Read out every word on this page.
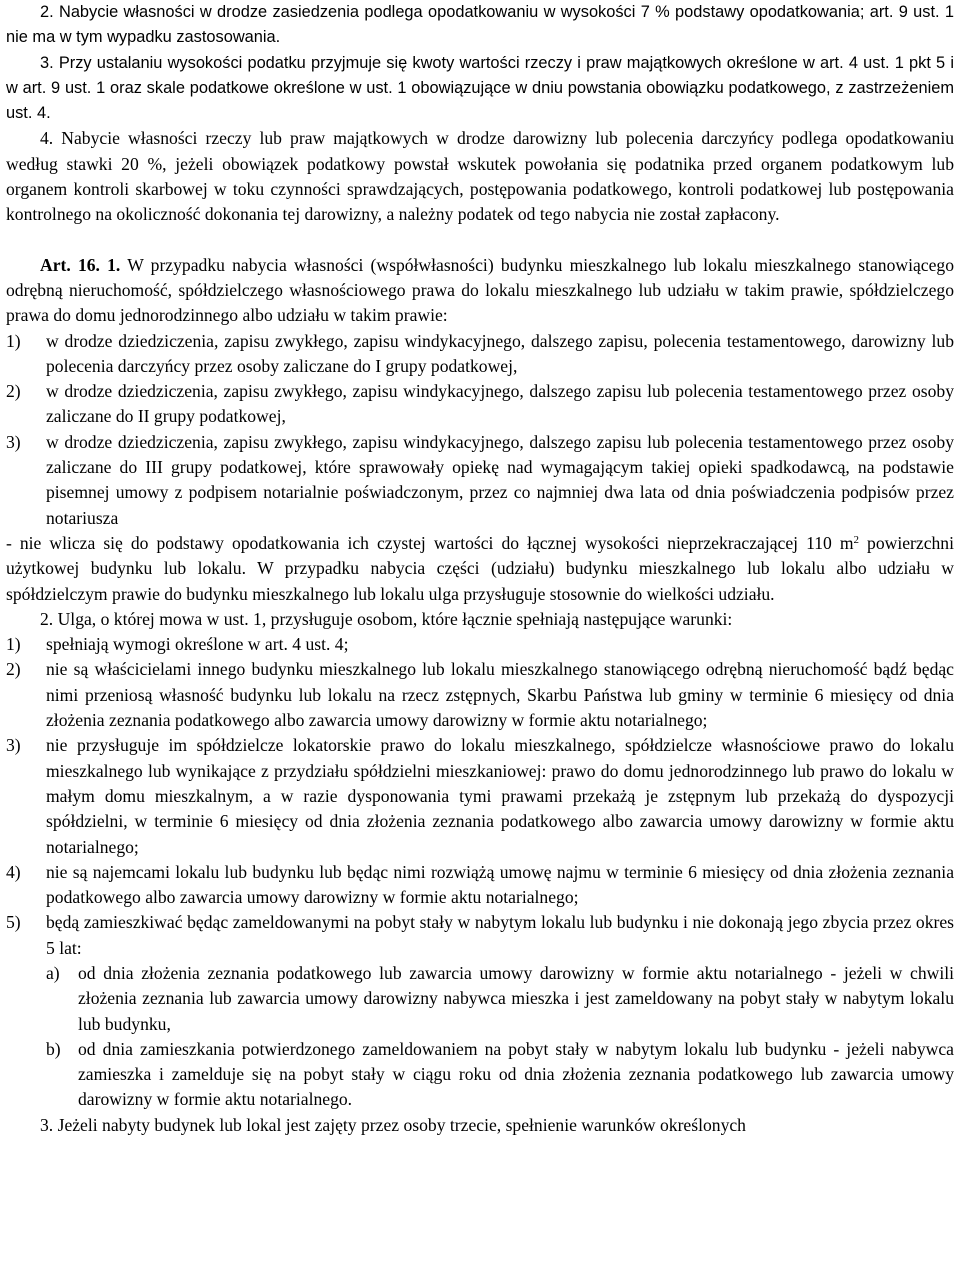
2. Nabycie własności w drodze zasiedzenia podlega opodatkowaniu w wysokości 7 % podstawy opodatkowania; art. 9 ust. 1 nie ma w tym wypadku zastosowania.

3. Przy ustalaniu wysokości podatku przyjmuje się kwoty wartości rzeczy i praw majątkowych określone w art. 4 ust. 1 pkt 5 i w art. 9 ust. 1 oraz skale podatkowe określone w ust. 1 obowiązujące w dniu powstania obowiązku podatkowego, z zastrzeżeniem ust. 4.

4. Nabycie własności rzeczy lub praw majątkowych w drodze darowizny lub polecenia darczyńcy podlega opodatkowaniu według stawki 20 %, jeżeli obowiązek podatkowy powstał wskutek powołania się podatnika przed organem podatkowym lub organem kontroli skarbowej w toku czynności sprawdzających, postępowania podatkowego, kontroli podatkowej lub postępowania kontrolnego na okoliczność dokonania tej darowizny, a należny podatek od tego nabycia nie został zapłacony.

Art. 16. 1. W przypadku nabycia własności (współwłasności) budynku mieszkalnego lub lokalu mieszkalnego stanowiącego odrębną nieruchomość, spółdzielczego własnościowego prawa do lokalu mieszkalnego lub udziału w takim prawie, spółdzielczego prawa do domu jednorodzinnego albo udziału w takim prawie:

1)	w drodze dziedziczenia, zapisu zwykłego, zapisu windykacyjnego, dalszego zapisu, polecenia testamentowego, darowizny lub polecenia darczyńcy przez osoby zaliczane do I grupy podatkowej,
2)	w drodze dziedziczenia, zapisu zwykłego, zapisu windykacyjnego, dalszego zapisu lub polecenia testamentowego przez osoby zaliczane do II grupy podatkowej,
3)	w drodze dziedziczenia, zapisu zwykłego, zapisu windykacyjnego, dalszego zapisu lub polecenia testamentowego przez osoby zaliczane do III grupy podatkowej, które sprawowały opiekę nad wymagającym takiej opieki spadkodawcą, na podstawie pisemnej umowy z podpisem notarialnie poświadczonym, przez co najmniej dwa lata od dnia poświadczenia podpisów przez notariusza

- nie wlicza się do podstawy opodatkowania ich czystej wartości do łącznej wysokości nieprzekraczającej 110 $m^2$ powierzchni użytkowej budynku lub lokalu. W przypadku nabycia części (udziału) budynku mieszkalnego lub lokalu albo udziału w spółdzielczym prawie do budynku mieszkalnego lub lokalu ulga przysługuje stosownie do wielkości udziału.

2. Ulga, o której mowa w ust. 1, przysługuje osobom, które łącznie spełniają następujące warunki:

1)	spełniają wymogi określone w art. 4 ust. 4;
2)	nie są właścicielami innego budynku mieszkalnego lub lokalu mieszkalnego stanowiącego odrębną nieruchomość bądź będąc nimi przeniosą własność budynku lub lokalu na rzecz zstępnych, Skarbu Państwa lub gminy w terminie 6 miesięcy od dnia złożenia zeznania podatkowego albo zawarcia umowy darowizny w formie aktu notarialnego;
3)	nie przysługuje im spółdzielcze lokatorskie prawo do lokalu mieszkalnego, spółdzielcze własnościowe prawo do lokalu mieszkalnego lub wynikające z przydziału spółdzielni mieszkaniowej: prawo do domu jednorodzinnego lub prawo do lokalu w małym domu mieszkalnym, a w razie dysponowania tymi prawami przekażą je zstępnym lub przekażą do dyspozycji spółdzielni, w terminie 6 miesięcy od dnia złożenia zeznania podatkowego albo zawarcia umowy darowizny w formie aktu notarialnego;
4)	nie są najemcami lokalu lub budynku lub będąc nimi rozwiążą umowę najmu w terminie 6 miesięcy od dnia złożenia zeznania podatkowego albo zawarcia umowy darowizny w formie aktu notarialnego;
5)	będą zamieszkiwać będąc zameldowanymi na pobyt stały w nabytym lokalu lub budynku i nie dokonają jego zbycia przez okres 5 lat:
a)	od dnia złożenia zeznania podatkowego lub zawarcia umowy darowizny w formie aktu notarialnego - jeżeli w chwili złożenia zeznania lub zawarcia umowy darowizny nabywca mieszka i jest zameldowany na pobyt stały w nabytym lokalu lub budynku,
b) od dnia zamieszkania potwierdzonego zameldowaniem na pobyt stały w nabytym lokalu lub budynku - jeżeli nabywca zamieszka i zamelduje się na pobyt stały w ciągu roku od dnia złożenia zeznania podatkowego lub zawarcia umowy darowizny w formie aktu notarialnego.

3. Jeżeli nabyty budynek lub lokal jest zajęty przez osoby trzecie, spełnienie warunków określonych
